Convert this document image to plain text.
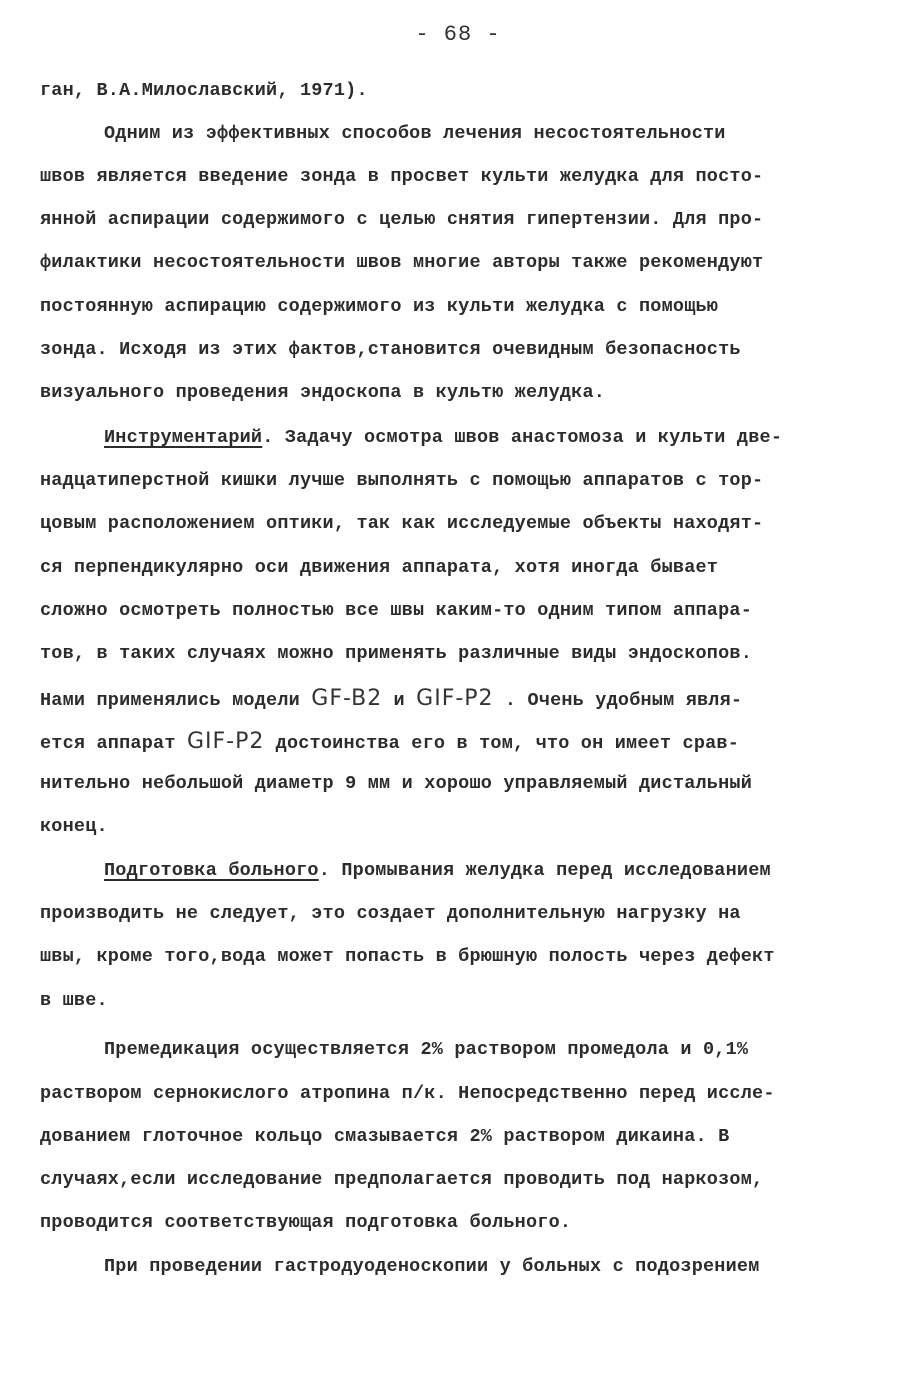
- 68 -
ган, В.А.Милославский, 1971).
Одним из эффективных способов лечения несостоятельности
швов является введение зонда в просвет культи желудка для посто-
янной аспирации содержимого с целью снятия гипертензии. Для про-
филактики несостоятельности швов многие авторы также рекомендуют
постоянную аспирацию содержимого из культи желудка с помощью
зонда. Исходя из этих фактов,становится очевидным безопасность
визуального проведения эндоскопа в культю желудка.
Инструментарий. Задачу осмотра швов анастомоза и культи две-
надцатиперстной кишки лучше выполнять с помощью аппаратов с тор-
цовым расположением оптики, так как исследуемые объекты находят-
ся перпендикулярно оси движения аппарата, хотя иногда бывает
сложно осмотреть полностью все швы каким-то одним типом аппара-
тов, в таких случаях можно применять различные виды эндоскопов.
Нами применялись модели GF-B2 и GIF-P2 . Очень удобным явля-
ется аппарат GIF-P2 достоинства его в том, что он имеет срав-
нительно небольшой диаметр 9 мм и хорошо управляемый дистальный
конец.
Подготовка больного. Промывания желудка перед исследованием
производить не следует, это создает дополнительную нагрузку на
швы, кроме того,вода может попасть в брюшную полость через дефект
в шве.
Премедикация осуществляется 2% раствором промедола и 0,1%
раствором сернокислого атропина п/к. Непосредственно перед иссле-
дованием глоточное кольцо смазывается 2% раствором дикаина. В
случаях,если исследование предполагается проводить под наркозом,
проводится соответствующая подготовка больного.
При проведении гастродуоденоскопии у больных с подозрением
